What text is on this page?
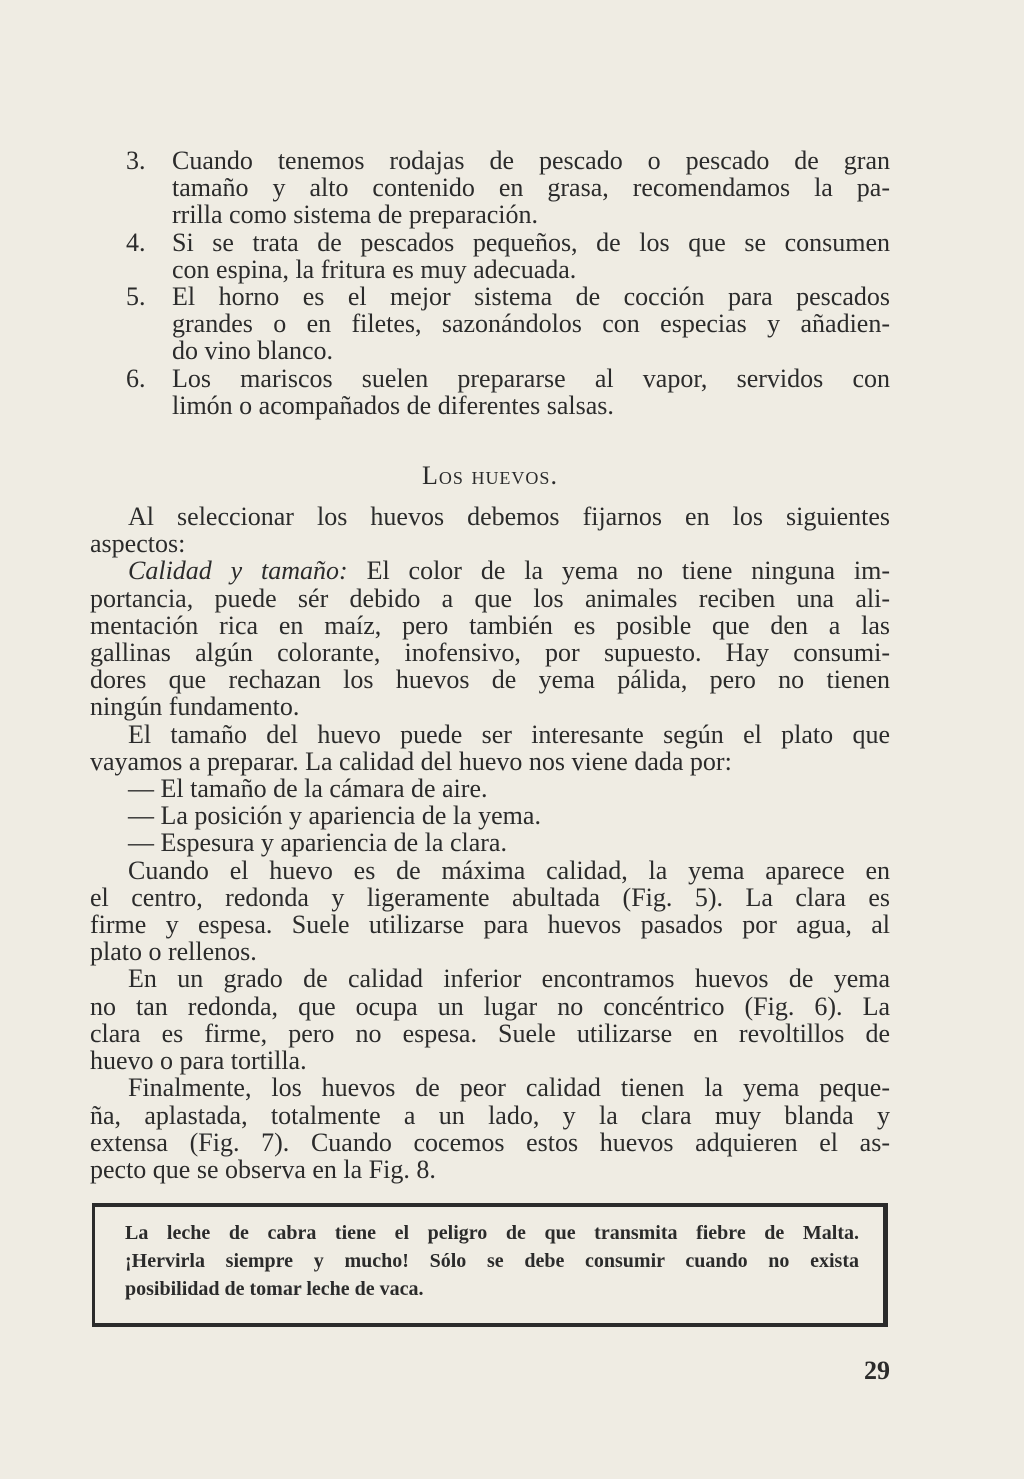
3. Cuando tenemos rodajas de pescado o pescado de gran
tamaño y alto contenido en grasa, recomendamos la pa-
rrilla como sistema de preparación.
4. Si se trata de pescados pequeños, de los que se consumen
con espina, la fritura es muy adecuada.
5. El horno es el mejor sistema de cocción para pescados
grandes o en filetes, sazonándolos con especias y añadien-
do vino blanco.
6. Los mariscos suelen prepararse al vapor, servidos con
limón o acompañados de diferentes salsas.
Los huevos.
Al seleccionar los huevos debemos fijarnos en los siguientes
aspectos:
Calidad y tamaño: El color de la yema no tiene ninguna im-
portancia, puede sér debido a que los animales reciben una ali-
mentación rica en maíz, pero también es posible que den a las
gallinas algún colorante, inofensivo, por supuesto. Hay consumi-
dores que rechazan los huevos de yema pálida, pero no tienen
ningún fundamento.
El tamaño del huevo puede ser interesante según el plato que
vayamos a preparar. La calidad del huevo nos viene dada por:
— El tamaño de la cámara de aire.
— La posición y apariencia de la yema.
— Espesura y apariencia de la clara.
Cuando el huevo es de máxima calidad, la yema aparece en
el centro, redonda y ligeramente abultada (Fig. 5). La clara es
firme y espesa. Suele utilizarse para huevos pasados por agua, al
plato o rellenos.
En un grado de calidad inferior encontramos huevos de yema
no tan redonda, que ocupa un lugar no concéntrico (Fig. 6). La
clara es firme, pero no espesa. Suele utilizarse en revoltillos de
huevo o para tortilla.
Finalmente, los huevos de peor calidad tienen la yema peque-
ña, aplastada, totalmente a un lado, y la clara muy blanda y
extensa (Fig. 7). Cuando cocemos estos huevos adquieren el as-
pecto que se observa en la Fig. 8.
La leche de cabra tiene el peligro de que transmita fiebre de Malta.
¡Hervirla siempre y mucho! Sólo se debe consumir cuando no exista
posibilidad de tomar leche de vaca.
29
